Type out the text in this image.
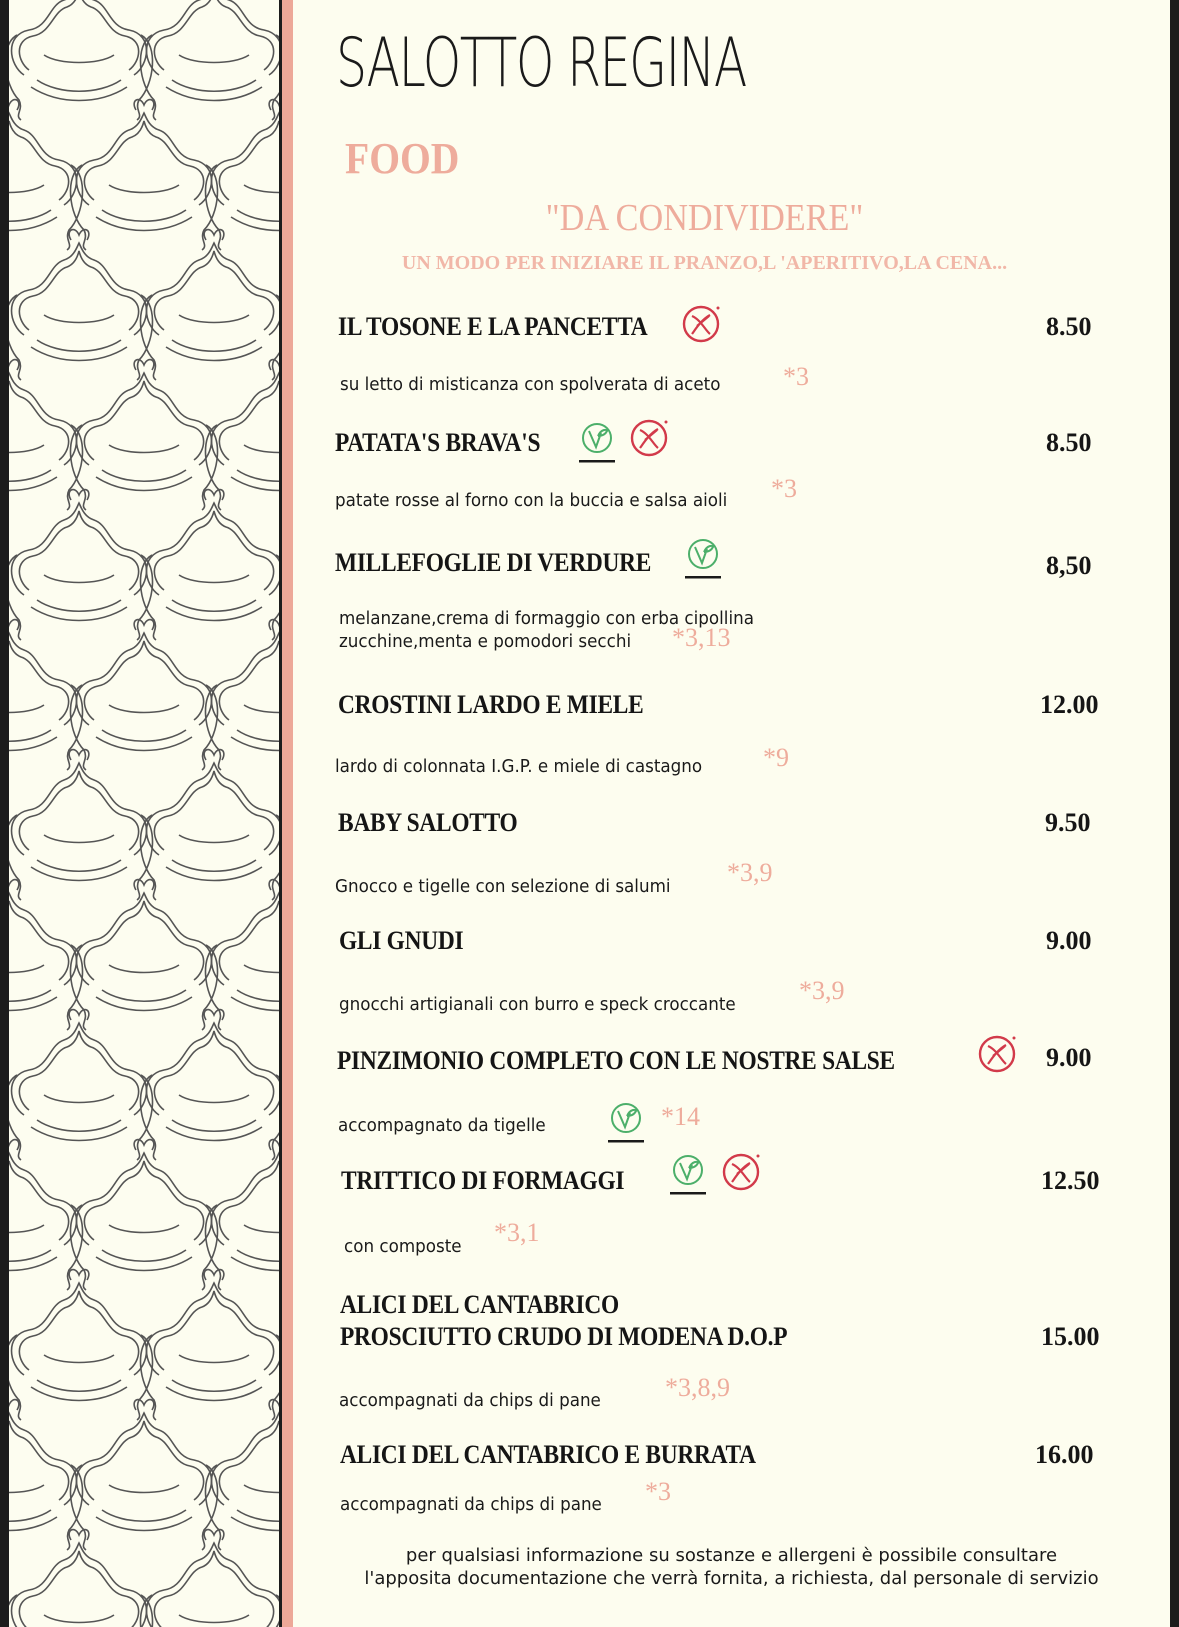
SALOTTO REGINA
FOOD
"DA CONDIVIDERE"
UN MODO PER INIZIARE IL PRANZO,L 'APERITIVO,LA CENA...
IL TOSONE E LA PANCETTA
su letto di misticanza con spolverata di aceto *3
8.50
PATATA'S BRAVA'S
patate rosse al forno con la buccia e salsa aioli *3
8.50
MILLEFOGLIE DI VERDURE
melanzane,crema di formaggio con erba cipollina
zucchine,menta e pomodori secchi *3,13
8,50
CROSTINI LARDO E MIELE
lardo di colonnata I.G.P. e miele di castagno *9
12.00
BABY SALOTTO
Gnocco e tigelle con selezione di salumi *3,9
9.50
GLI GNUDI
gnocchi artigianali con burro e speck croccante *3,9
9.00
PINZIMONIO COMPLETO CON LE NOSTRE SALSE
accompagnato da tigelle	*14
9.00
TRITTICO DI FORMAGGI
con composte *3,1
12.50
ALICI DEL CANTABRICO
PROSCIUTTO CRUDO DI MODENA D.O.P
accompagnati da chips di pane *3,8,9
15.00
ALICI DEL CANTABRICO E BURRATA
accompagnati da chips di pane *3
16.00
per qualsiasi informazione su sostanze e allergeni è possibile consultare
l'apposita documentazione che verrà fornita, a richiesta, dal personale di servizio
